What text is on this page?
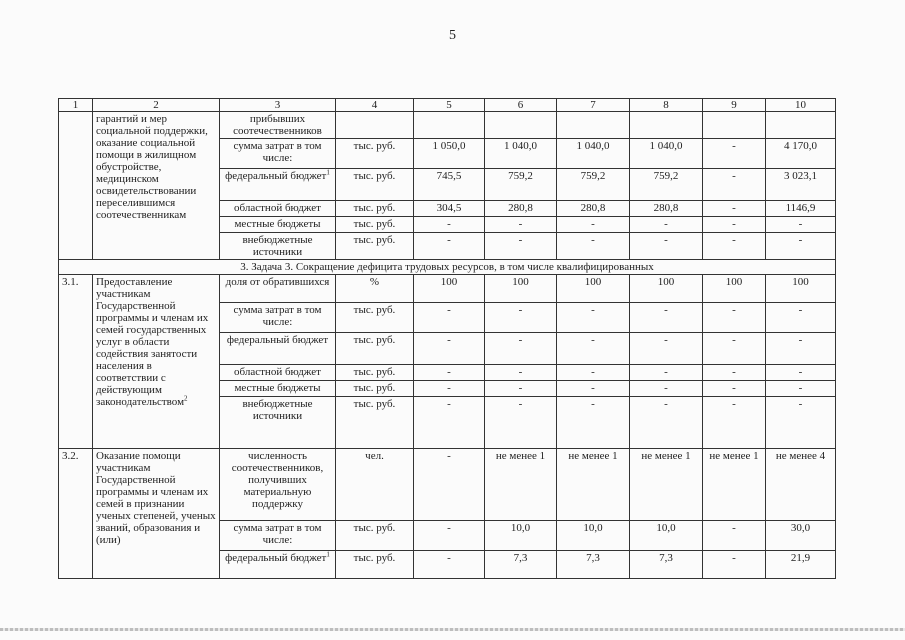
5
1	2	3	4	5	6	7	8	9	10
	гарантий и мер социальной поддержки, оказание социальной помощи в жилищном обустройстве, медицинском освидетельствовании переселившимся соотечественникам	прибывших соотечественников							
		сумма затрат в том числе:	тыс. руб.	1 050,0	1 040,0	1 040,0	1 040,0	-	4 170,0
		федеральный бюджет$^1$	тыс. руб.	745,5	759,2	759,2	759,2	-	3 023,1
		областной бюджет	тыс. руб.	304,5	280,8	280,8	280,8	-	1146,9
		местные бюджеты	тыс. руб.	-	-	-	-	-	-
		внебюджетные источники	тыс. руб.	-	-	-	-	-	-
3. Задача 3. Сокращение дефицита трудовых ресурсов, в том числе квалифицированных									
3.1.	Предоставление участникам Государственной программы и членам их семей государственных услуг в области содействия занятости населения в соответствии с действующим законодательством$^2$	доля от обратившихся	%	100	100	100	100	100	100
		сумма затрат в том числе:	тыс. руб.	-	-	-	-	-	-
		федеральный бюджет	тыс. руб.	-	-	-	-	-	-
		областной бюджет	тыс. руб.	-	-	-	-	-	-
		местные бюджеты	тыс. руб.	-	-	-	-	-	-
		внебюджетные источники	тыс. руб.	-	-	-	-	-	-
3.2.	Оказание помощи участникам Государственной программы и членам их семей в признании ученых степеней, ученых званий, образования и (или)	численность соотечественников, получивших материальную поддержку	чел.	-	не менее 1	не менее 1	не менее 1	не менее 1	не менее 4
		сумма затрат в том числе:	тыс. руб.	-	10,0	10,0	10,0	-	30,0
		федеральный бюджет$^1$	тыс. руб.	-	7,3	7,3	7,3	-	21,9
